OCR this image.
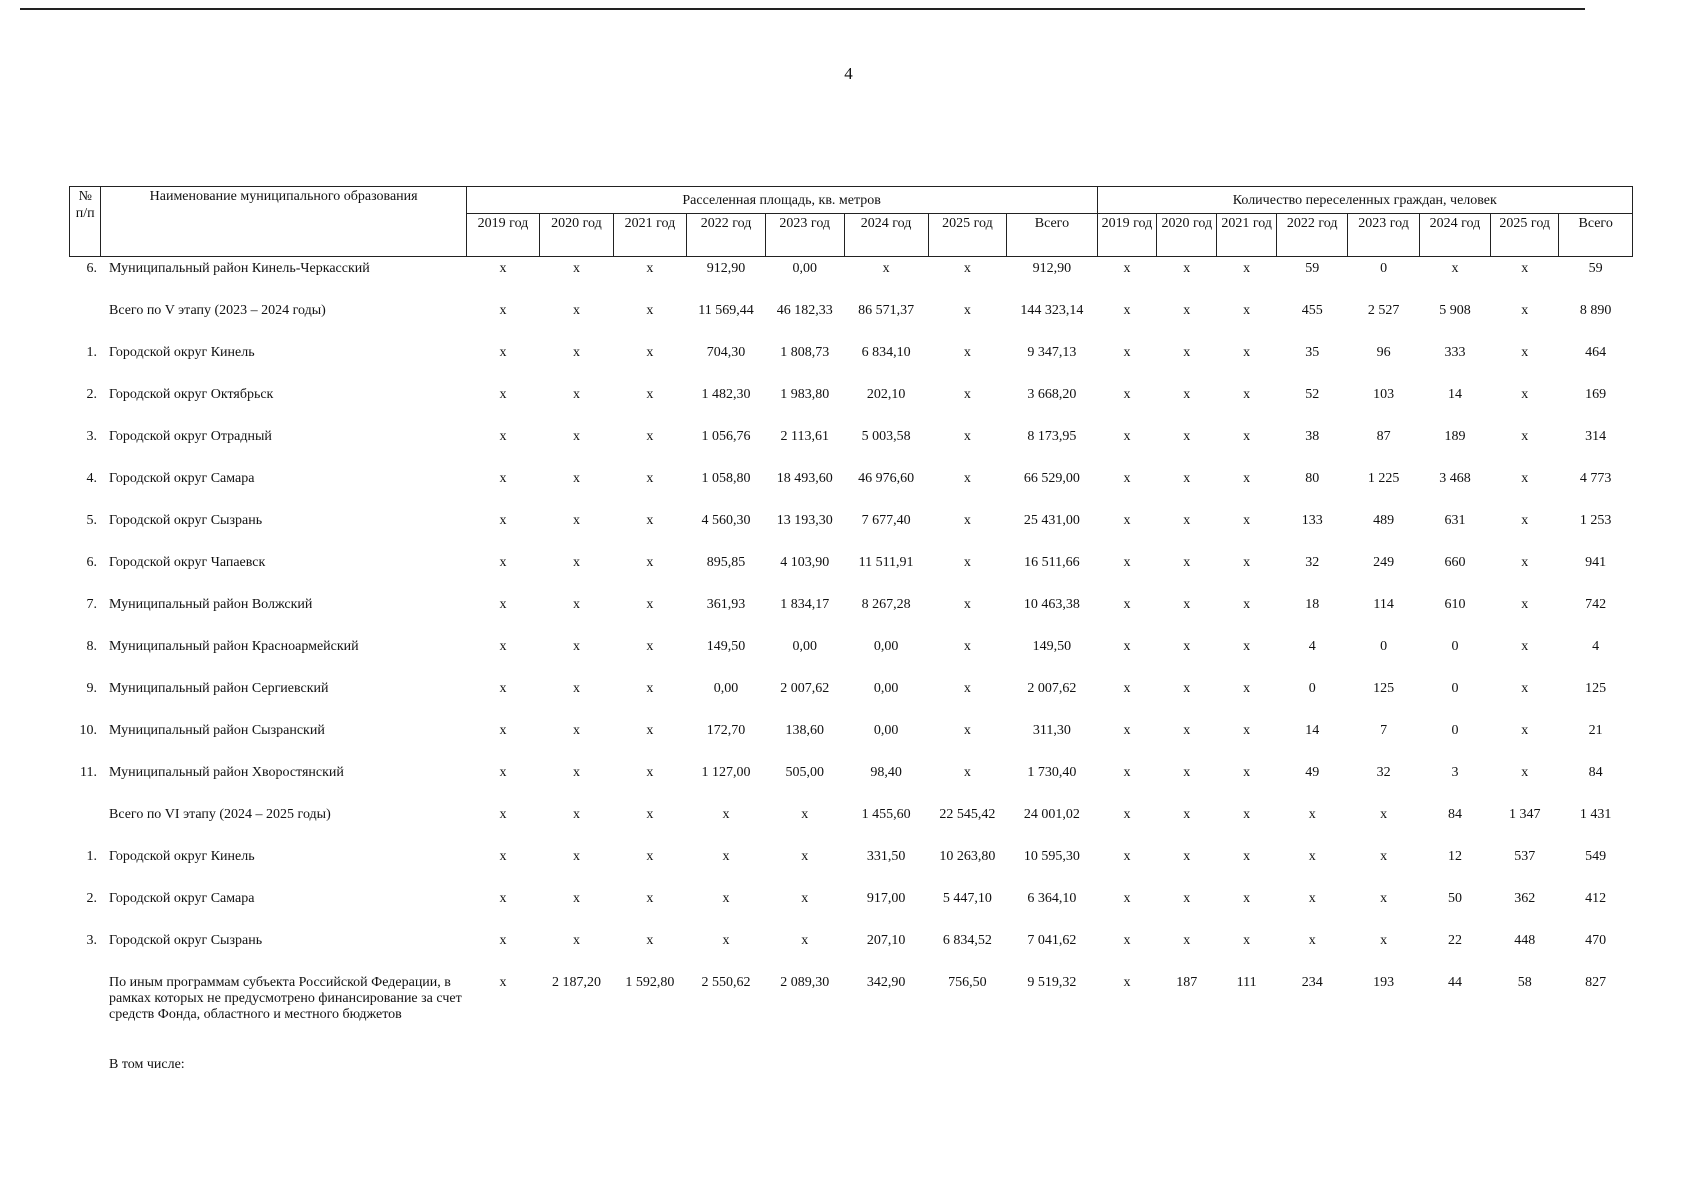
4
№ п/п	Наименование муниципального образования	Расселенная площадь, кв. метров								Количество переселенных граждан, человек							
		2019 год	2020 год	2021 год	2022 год	2023 год	2024 год	2025 год	Всего	2019 год	2020 год	2021 год	2022 год	2023 год	2024 год	2025 год	Всего
6.	Муниципальный район Кинель-Черкасский	x	x	x	912,90	0,00	x	x	912,90	x	x	x	59	0	x	x	59
	Всего по V этапу (2023 – 2024 годы)	x	x	x	11 569,44	46 182,33	86 571,37	x	144 323,14	x	x	x	455	2 527	5 908	x	8 890
1.	Городской округ Кинель	x	x	x	704,30	1 808,73	6 834,10	x	9 347,13	x	x	x	35	96	333	x	464
2.	Городской округ Октябрьск	x	x	x	1 482,30	1 983,80	202,10	x	3 668,20	x	x	x	52	103	14	x	169
3.	Городской округ Отрадный	x	x	x	1 056,76	2 113,61	5 003,58	x	8 173,95	x	x	x	38	87	189	x	314
4.	Городской округ Самара	x	x	x	1 058,80	18 493,60	46 976,60	x	66 529,00	x	x	x	80	1 225	3 468	x	4 773
5.	Городской округ Сызрань	x	x	x	4 560,30	13 193,30	7 677,40	x	25 431,00	x	x	x	133	489	631	x	1 253
6.	Городской округ Чапаевск	x	x	x	895,85	4 103,90	11 511,91	x	16 511,66	x	x	x	32	249	660	x	941
7.	Муниципальный район Волжский	x	x	x	361,93	1 834,17	8 267,28	x	10 463,38	x	x	x	18	114	610	x	742
8.	Муниципальный район Красноармейский	x	x	x	149,50	0,00	0,00	x	149,50	x	x	x	4	0	0	x	4
9.	Муниципальный район Сергиевский	x	x	x	0,00	2 007,62	0,00	x	2 007,62	x	x	x	0	125	0	x	125
10.	Муниципальный район Сызранский	x	x	x	172,70	138,60	0,00	x	311,30	x	x	x	14	7	0	x	21
11.	Муниципальный район Хворостянский	x	x	x	1 127,00	505,00	98,40	x	1 730,40	x	x	x	49	32	3	x	84
	Всего по VI этапу (2024 – 2025 годы)	x	x	x	x	x	1 455,60	22 545,42	24 001,02	x	x	x	x	x	84	1 347	1 431
1.	Городской округ Кинель	x	x	x	x	x	331,50	10 263,80	10 595,30	x	x	x	x	x	12	537	549
2.	Городской округ Самара	x	x	x	x	x	917,00	5 447,10	6 364,10	x	x	x	x	x	50	362	412
3.	Городской округ Сызрань	x	x	x	x	x	207,10	6 834,52	7 041,62	x	x	x	x	x	22	448	470
	По иным программам субъекта Российской Федерации, в рамках которых не предусмотрено финансирование за счет средств Фонда, областного и местного бюджетов	x	2 187,20	1 592,80	2 550,62	2 089,30	342,90	756,50	9 519,32	x	187	111	234	193	44	58	827
	В том числе:																
